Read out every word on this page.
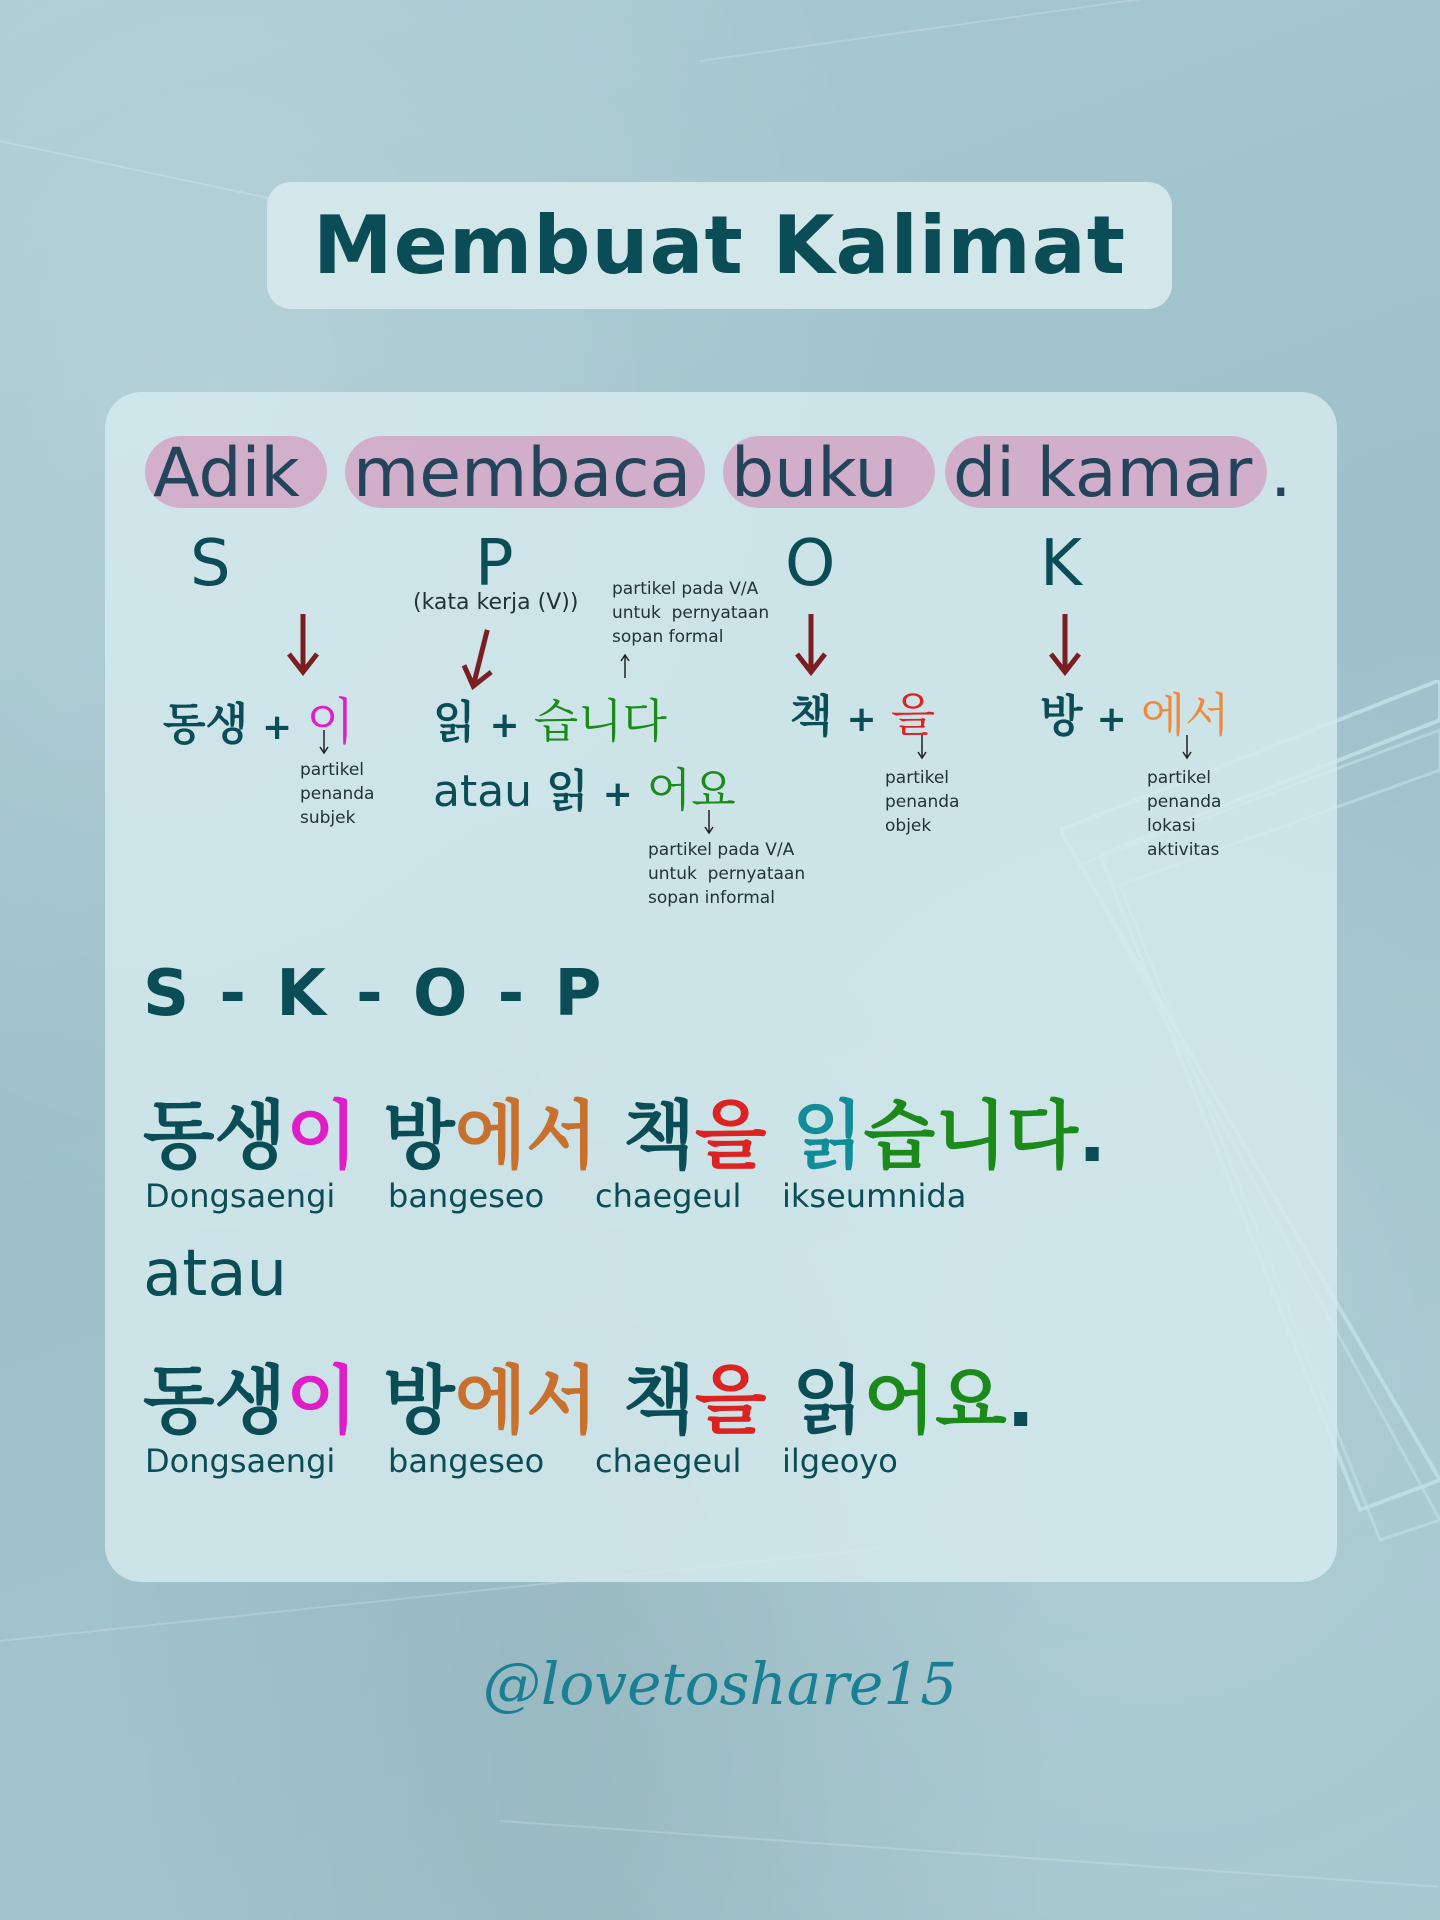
Membuat Kalimat
Adik membaca buku di kamar .
S	P	O	K
(kata kerja (V))
동생 + 이
partikel
penanda
subjek
읽 + 습니다
partikel pada V/A
untuk  pernyataan
sopan formal
atau 읽 + 어요
partikel pada V/A
untuk  pernyataan
sopan informal
책 + 을
partikel
penanda
objek
방 + 에서
partikel
penanda
lokasi
aktivitas
S - K - O - P
동생이 방에서 책을 읽습니다.
Dongsaengi bangeseo chaegeul ikseumnida
atau
동생이 방에서 책을 읽어요.
Dongsaengi bangeseo chaegeul ilgeoyo
@lovetoshare15
